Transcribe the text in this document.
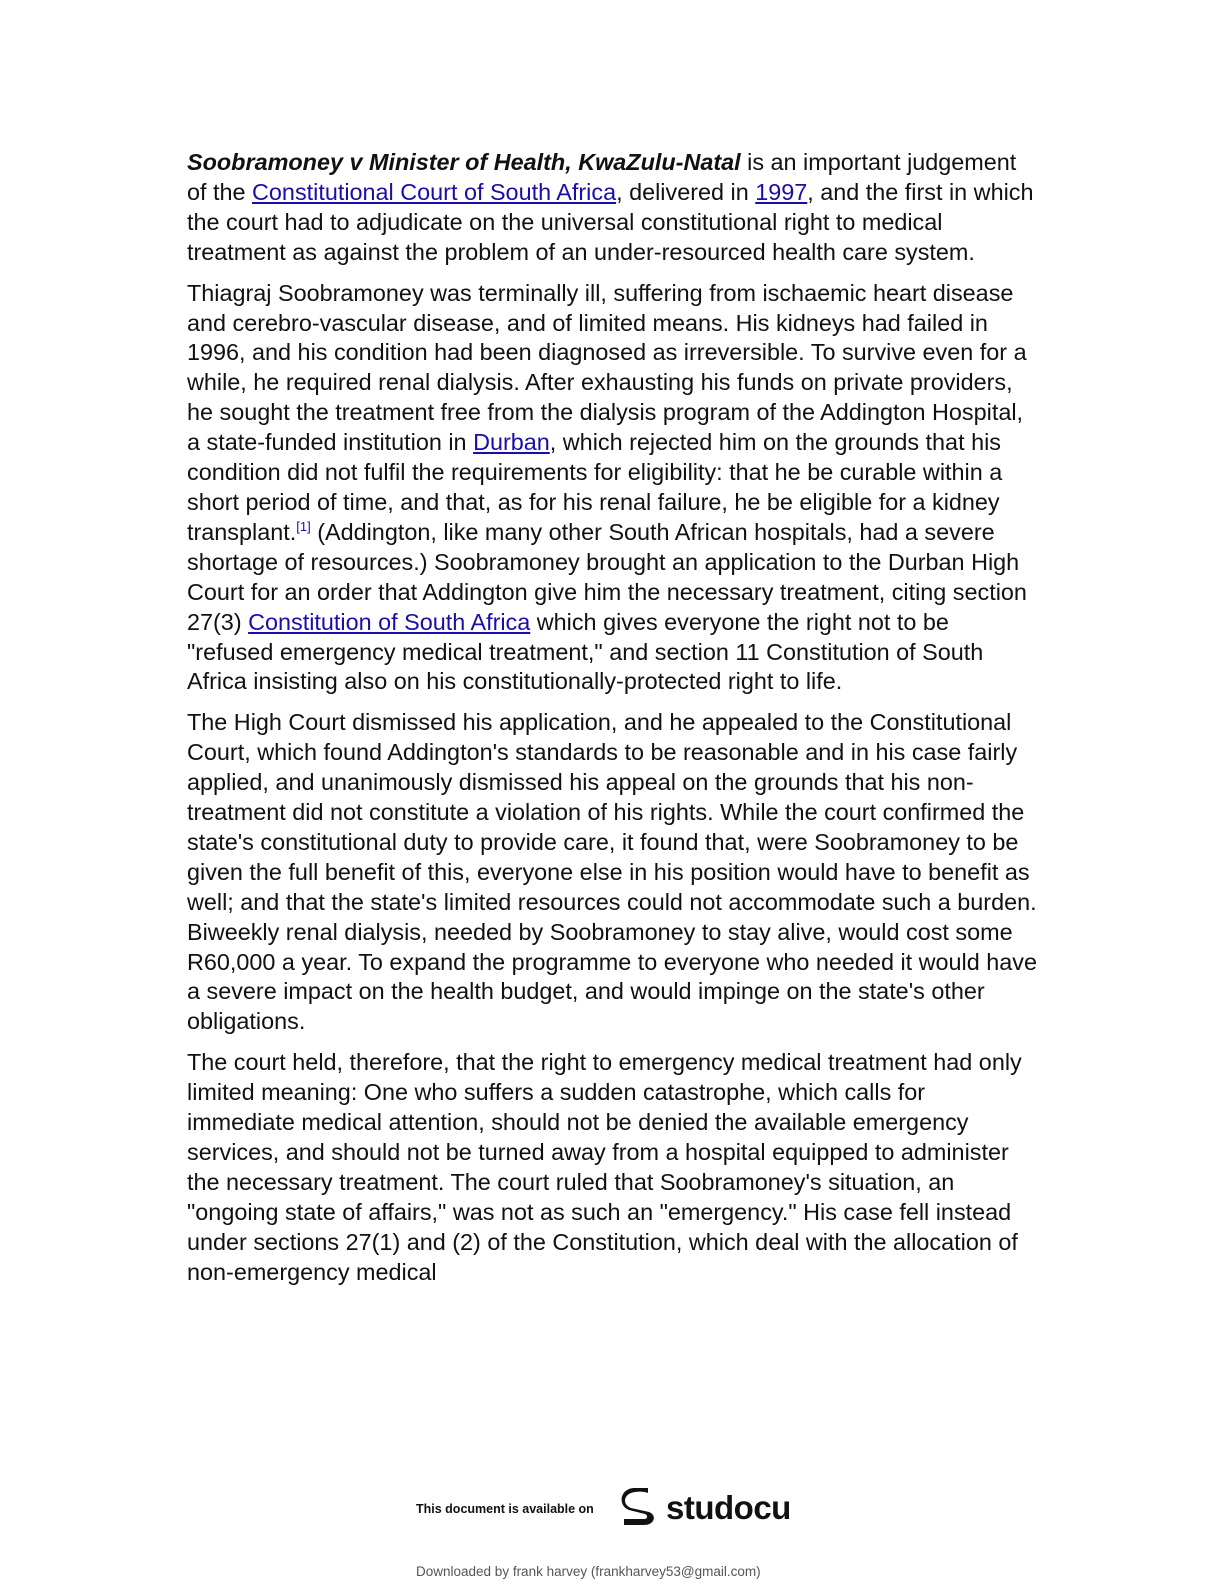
Soobramoney v Minister of Health, KwaZulu-Natal is an important judgement of the Constitutional Court of South Africa, delivered in 1997, and the first in which the court had to adjudicate on the universal constitutional right to medical treatment as against the problem of an under-resourced health care system.

Thiagraj Soobramoney was terminally ill, suffering from ischaemic heart disease and cerebro-vascular disease, and of limited means. His kidneys had failed in 1996, and his condition had been diagnosed as irreversible. To survive even for a while, he required renal dialysis. After exhausting his funds on private providers, he sought the treatment free from the dialysis program of the Addington Hospital, a state-funded institution in Durban, which rejected him on the grounds that his condition did not fulfil the requirements for eligibility: that he be curable within a short period of time, and that, as for his renal failure, he be eligible for a kidney transplant.[1] (Addington, like many other South African hospitals, had a severe shortage of resources.) Soobramoney brought an application to the Durban High Court for an order that Addington give him the necessary treatment, citing section 27(3) Constitution of South Africa which gives everyone the right not to be "refused emergency medical treatment," and section 11 Constitution of South Africa insisting also on his constitutionally-protected right to life.

The High Court dismissed his application, and he appealed to the Constitutional Court, which found Addington's standards to be reasonable and in his case fairly applied, and unanimously dismissed his appeal on the grounds that his non-treatment did not constitute a violation of his rights. While the court confirmed the state's constitutional duty to provide care, it found that, were Soobramoney to be given the full benefit of this, everyone else in his position would have to benefit as well; and that the state's limited resources could not accommodate such a burden. Biweekly renal dialysis, needed by Soobramoney to stay alive, would cost some R60,000 a year. To expand the programme to everyone who needed it would have a severe impact on the health budget, and would impinge on the state's other obligations.

The court held, therefore, that the right to emergency medical treatment had only limited meaning: One who suffers a sudden catastrophe, which calls for immediate medical attention, should not be denied the available emergency services, and should not be turned away from a hospital equipped to administer the necessary treatment. The court ruled that Soobramoney's situation, an "ongoing state of affairs," was not as such an "emergency." His case fell instead under sections 27(1) and (2) of the Constitution, which deal with the allocation of non-emergency medical

This document is available on studocu
Downloaded by frank harvey (frankharvey53@gmail.com)
